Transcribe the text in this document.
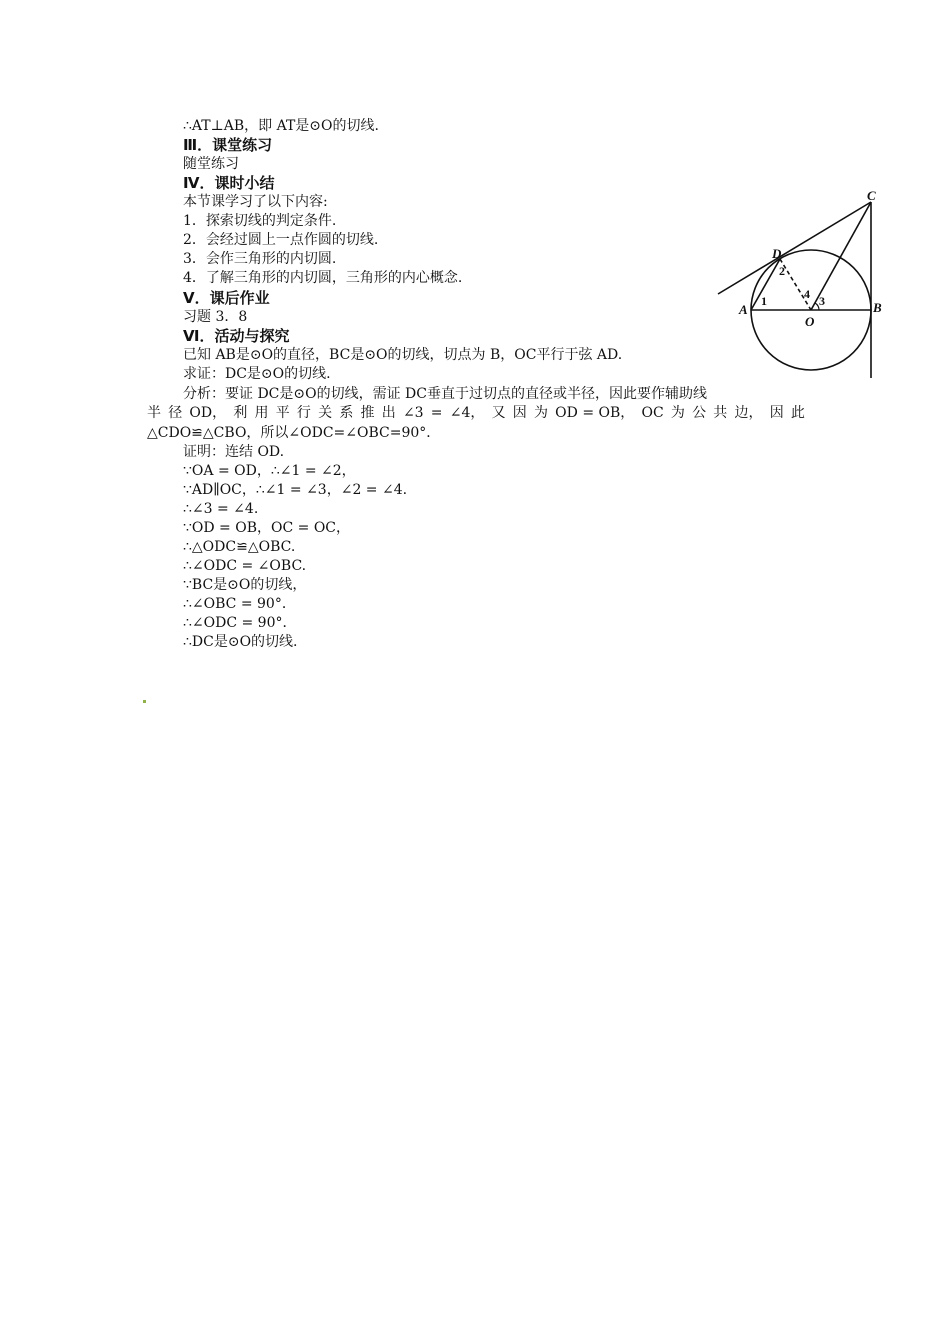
∴AT⊥AB，即 AT是⊙O的切线.
Ⅲ．课堂练习
随堂练习
Ⅳ．课时小结
本节课学习了以下内容:
1．探索切线的判定条件.
2．会经过圆上一点作圆的切线.
3．会作三角形的内切圆.
4．了解三角形的内切圆，三角形的内心概念.
Ⅴ．课后作业
习题 3．8
Ⅵ．活动与探究
已知 AB是⊙O的直径，BC是⊙O的切线，切点为 B，OC平行于弦 AD.
求证：DC是⊙O的切线.
分析：要证 DC是⊙O的切线，需证 DC垂直于过切点的直径或半径，因此要作辅助线
半 径 OD， 利 用 平 行 关 系 推 出 ∠3 = ∠4， 又 因 为 OD = OB， OC 为 公 共 边， 因 此
△CDO≌△CBO，所以∠ODC=∠OBC=90°．
证明：连结 OD.
∵OA = OD，∴∠1 = ∠2，
∵AD∥OC，∴∠1 = ∠3，∠2 = ∠4.
∴∠3 = ∠4.
∵OD = OB，OC = OC，
∴△ODC≌△OBC.
∴∠ODC = ∠OBC.
∵BC是⊙O的切线，
∴∠OBC = 90°．
∴∠ODC = 90°．
∴DC是⊙O的切线.
C
D
A
O
B
1
2
3
4
